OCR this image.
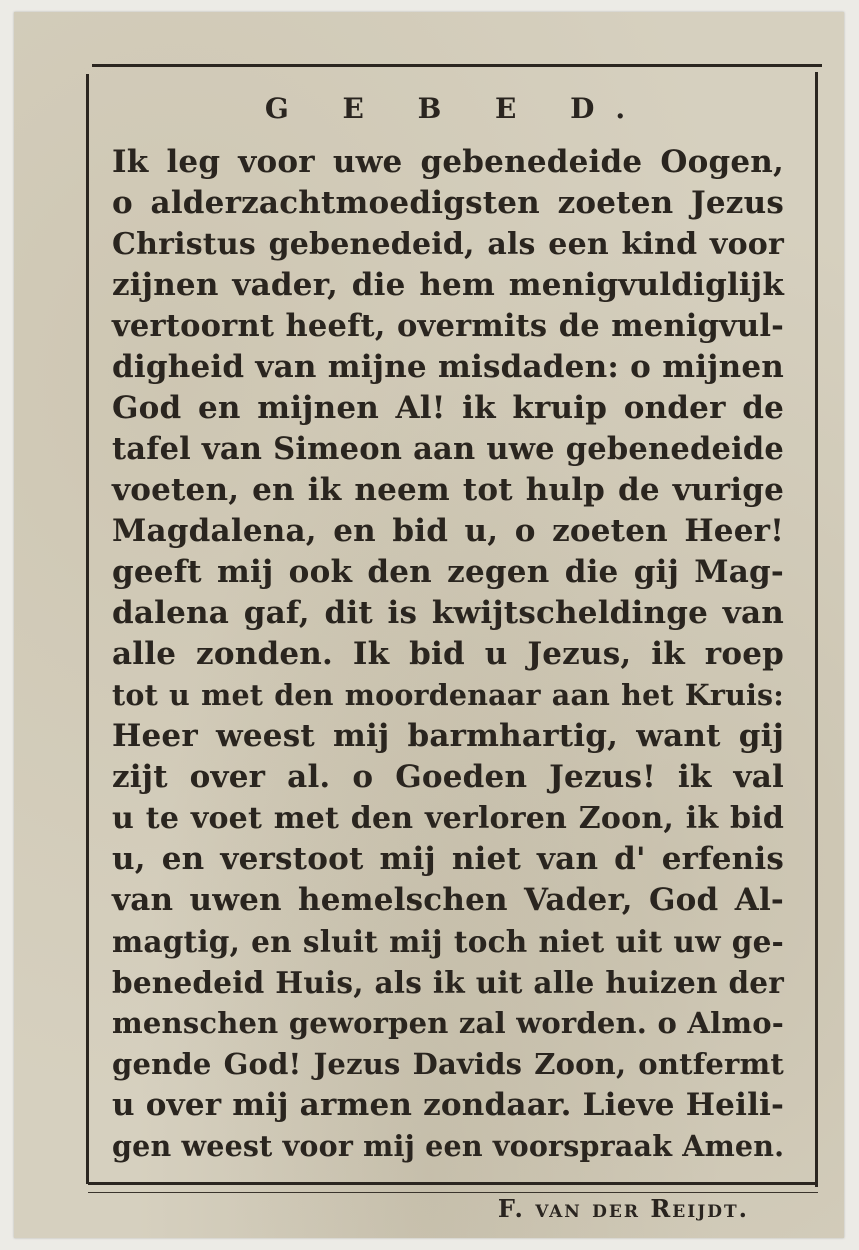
G E B E D.
Ik leg voor uwe gebenedeide Oogen,
o alderzachtmoedigsten zoeten Jezus
Christus gebenedeid, als een kind voor
zijnen vader, die hem menigvuldiglijk
vertoornt heeft, overmits de menigvul-
digheid van mijne misdaden: o mijnen
God en mijnen Al! ik kruip onder de
tafel van Simeon aan uwe gebenedeide
voeten, en ik neem tot hulp de vurige
Magdalena, en bid u, o zoeten Heer!
geeft mij ook den zegen die gij Mag-
dalena gaf, dit is kwijtscheldinge van
alle zonden. Ik bid u Jezus, ik roep
tot u met den moordenaar aan het Kruis:
Heer weest mij barmhartig, want gij
zijt over al. o Goeden Jezus! ik val
u te voet met den verloren Zoon, ik bid
u, en verstoot mij niet van d' erfenis
van uwen hemelschen Vader, God Al-
magtig, en sluit mij toch niet uit uw ge-
benedeid Huis, als ik uit alle huizen der
menschen geworpen zal worden. o Almo-
gende God! Jezus Davids Zoon, ontfermt
u over mij armen zondaar. Lieve Heili-
gen weest voor mij een voorspraak Amen.
F. van der Reijdt.
